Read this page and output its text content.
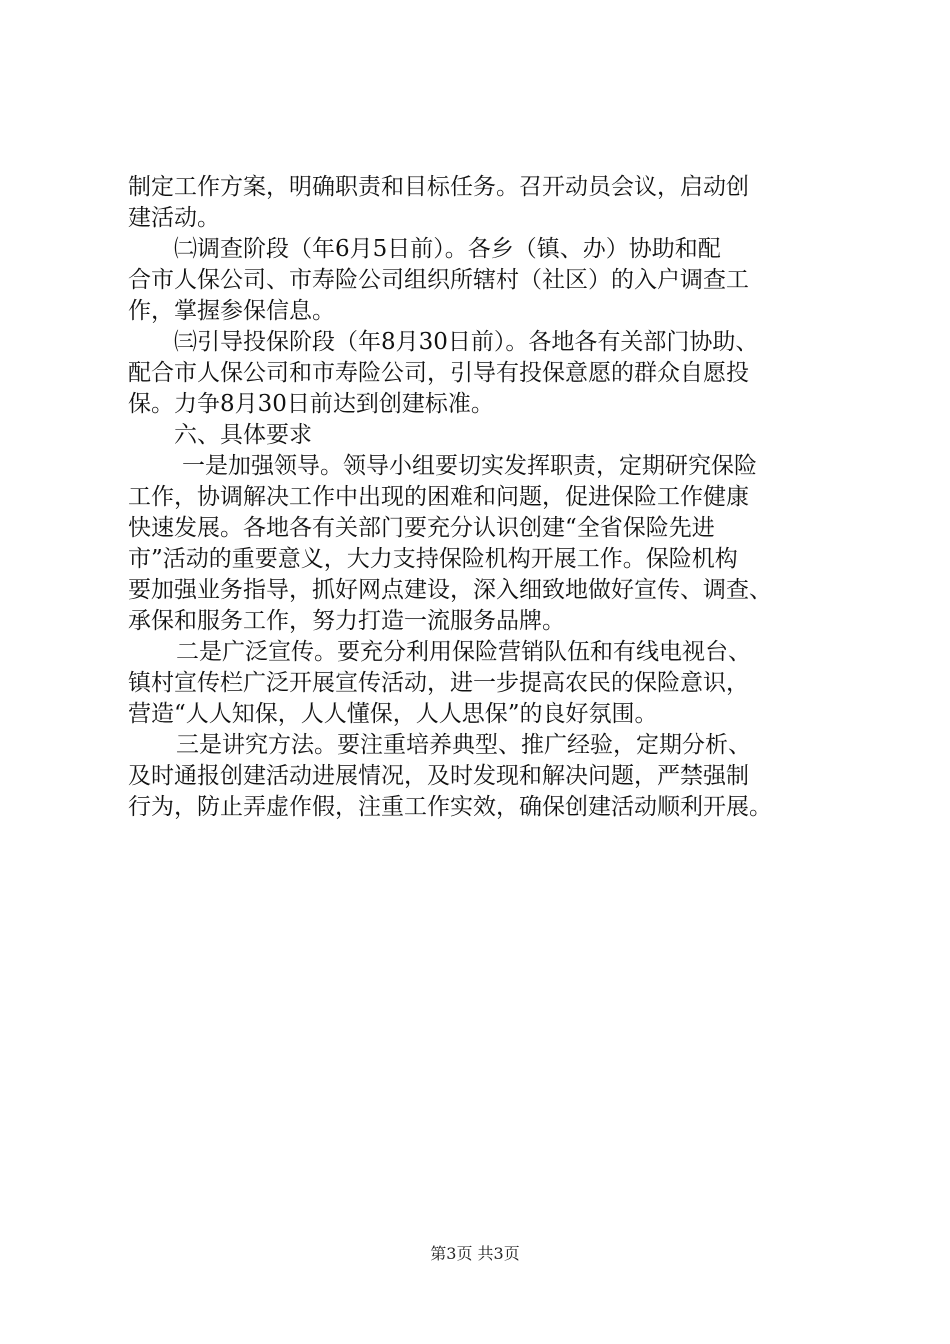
制定工作方案，明确职责和目标任务。召开动员会议，启动创
建活动。
㈡调查阶段（年6月5日前）。各乡（镇、办）协助和配
合市人保公司、市寿险公司组织所辖村（社区）的入户调查工
作，掌握参保信息。
㈢引导投保阶段（年8月30日前）。各地各有关部门协助、
配合市人保公司和市寿险公司，引导有投保意愿的群众自愿投
保。力争8月30日前达到创建标准。
六、具体要求
一是加强领导。领导小组要切实发挥职责，定期研究保险
工作，协调解决工作中出现的困难和问题，促进保险工作健康
快速发展。各地各有关部门要充分认识创建“全省保险先进
市”活动的重要意义，大力支持保险机构开展工作。保险机构
要加强业务指导，抓好网点建设，深入细致地做好宣传、调查、
承保和服务工作，努力打造一流服务品牌。
二是广泛宣传。要充分利用保险营销队伍和有线电视台、
镇村宣传栏广泛开展宣传活动，进一步提高农民的保险意识，
营造“人人知保，人人懂保，人人思保”的良好氛围。
三是讲究方法。要注重培养典型、推广经验，定期分析、
及时通报创建活动进展情况，及时发现和解决问题，严禁强制
行为，防止弄虚作假，注重工作实效，确保创建活动顺利开展。
第3页 共3页
